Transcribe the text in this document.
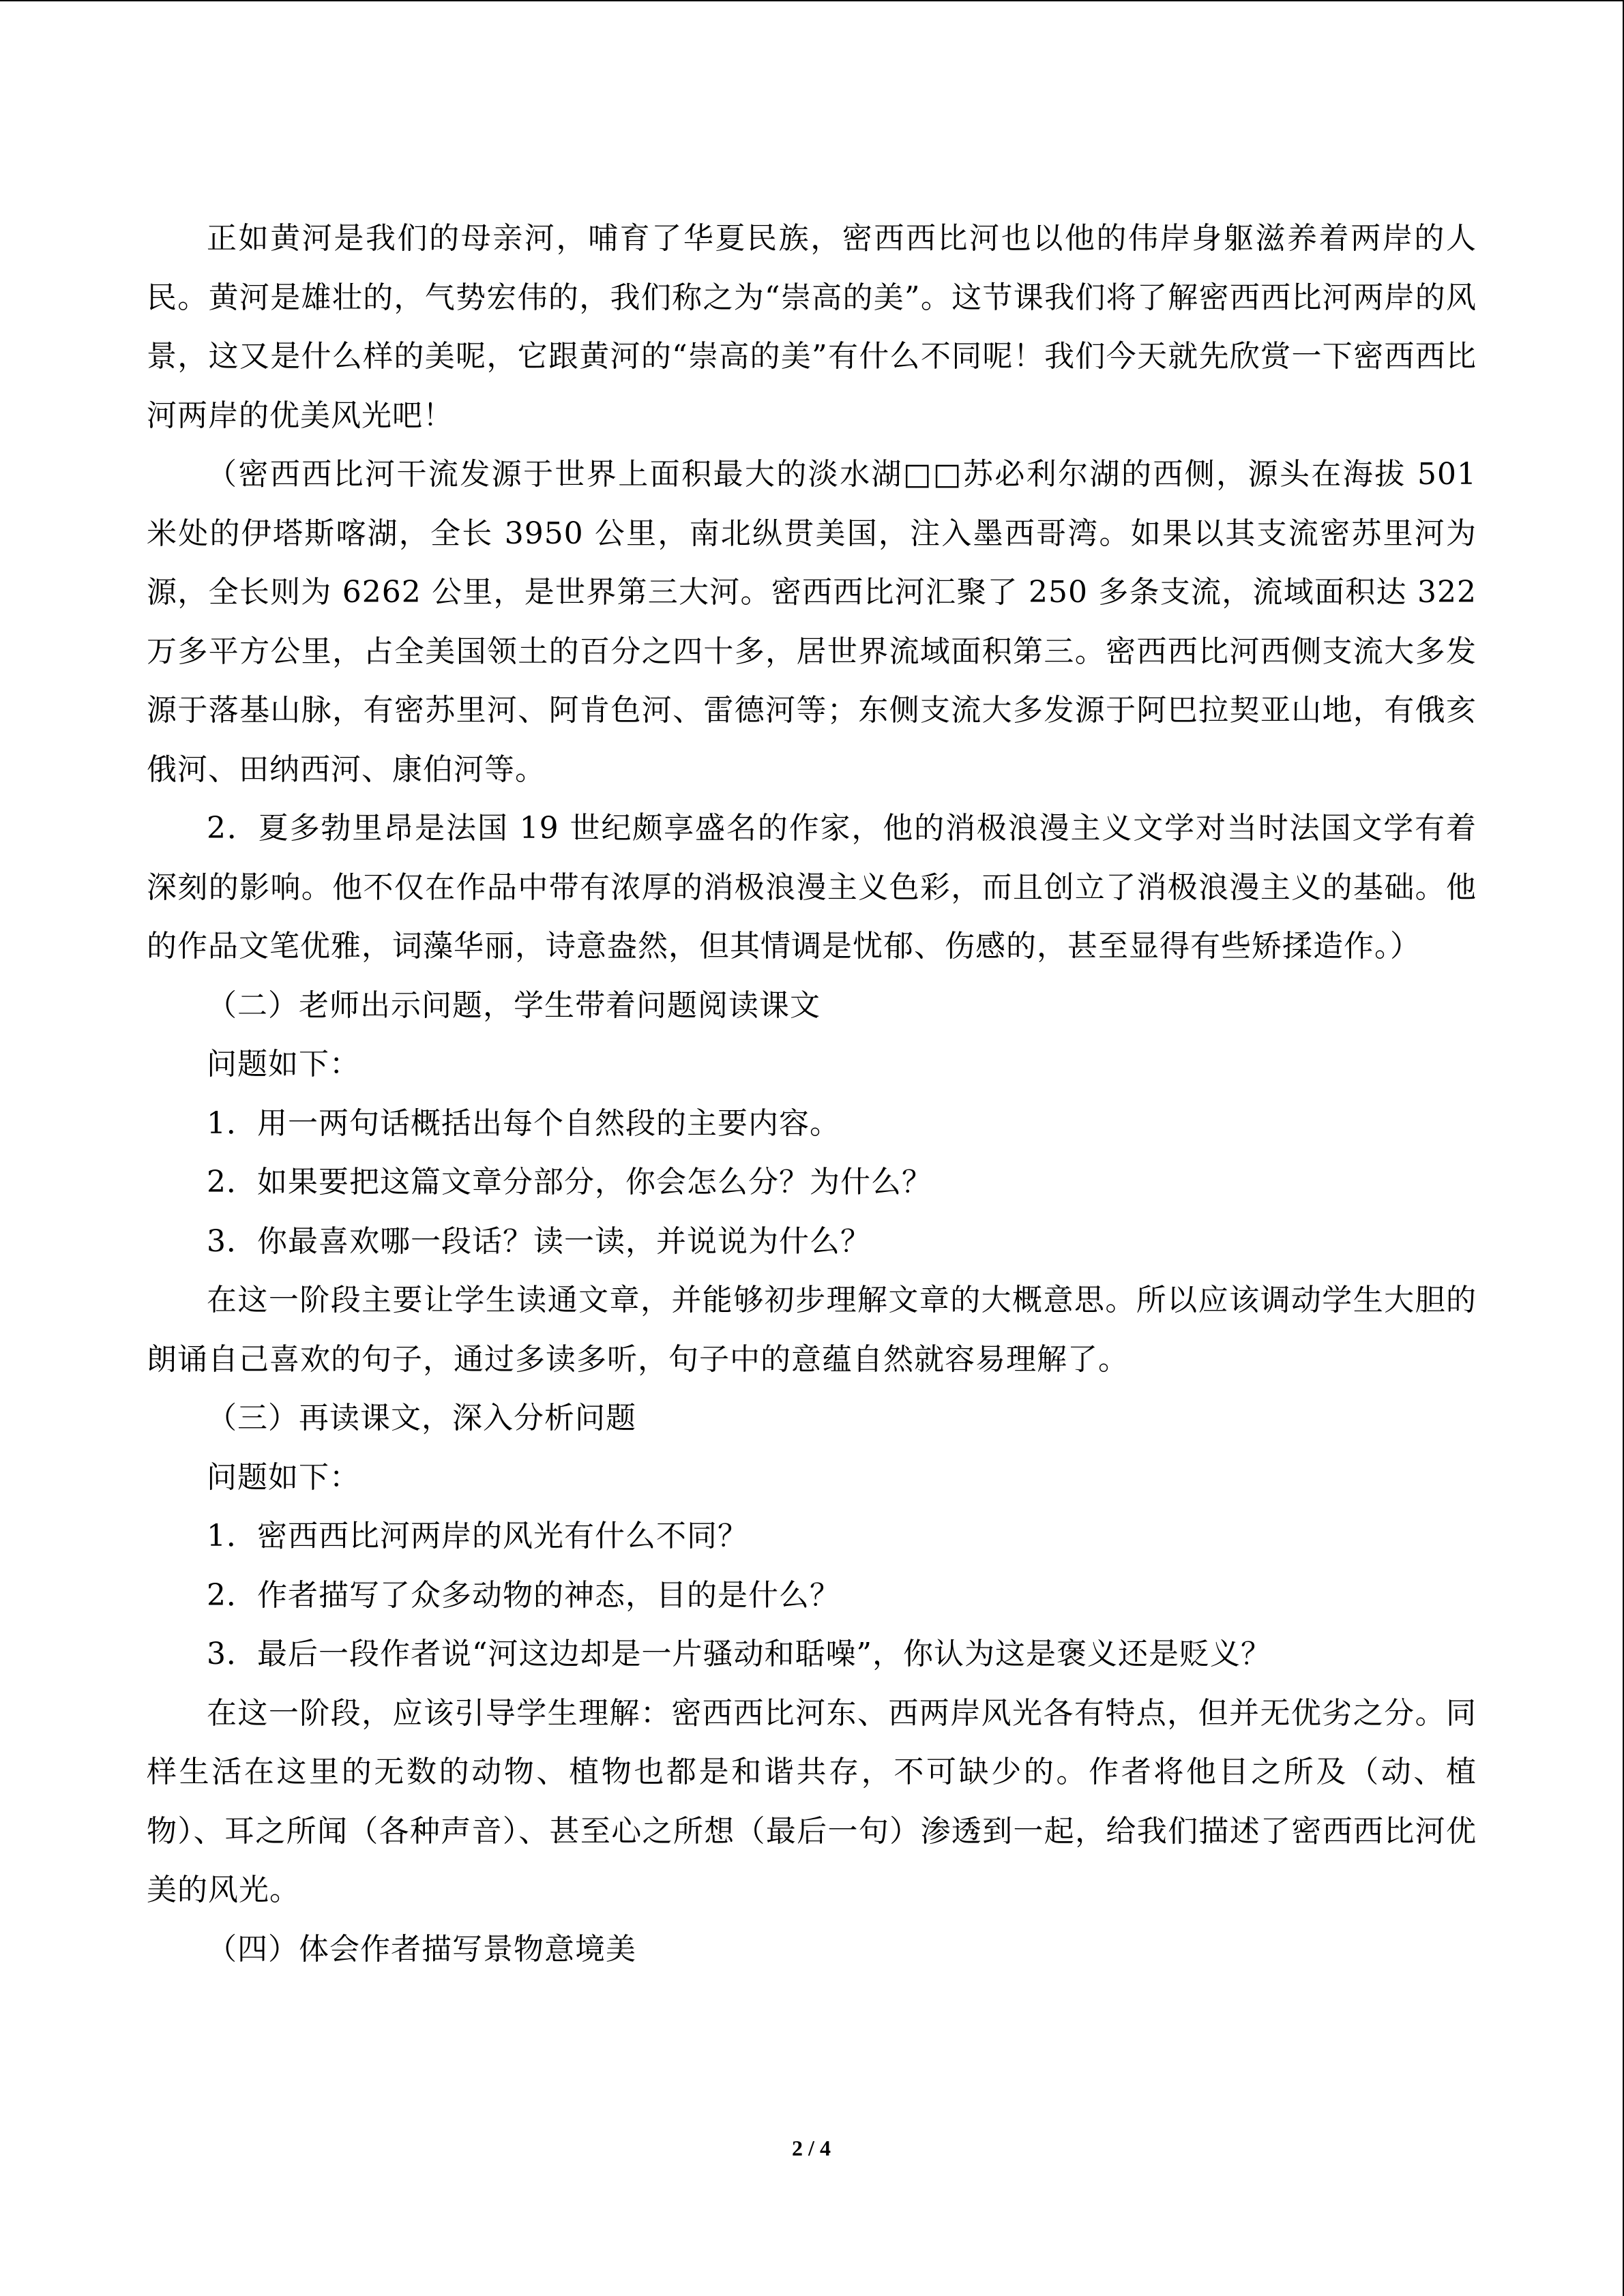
正如黄河是我们的母亲河，哺育了华夏民族，密西西比河也以他的伟岸身躯滋养着两岸的人民。黄河是雄壮的，气势宏伟的，我们称之为“崇高的美”。这节课我们将了解密西西比河两岸的风景，这又是什么样的美呢，它跟黄河的“崇高的美”有什么不同呢！我们今天就先欣赏一下密西西比河两岸的优美风光吧！

（密西西比河干流发源于世界上面积最大的淡水湖□□苏必利尔湖的西侧，源头在海拔 501 米处的伊塔斯喀湖，全长 3950 公里，南北纵贯美国，注入墨西哥湾。如果以其支流密苏里河为源，全长则为 6262 公里，是世界第三大河。密西西比河汇聚了 250 多条支流，流域面积达 322 万多平方公里，占全美国领土的百分之四十多，居世界流域面积第三。密西西比河西侧支流大多发源于落基山脉，有密苏里河、阿肯色河、雷德河等；东侧支流大多发源于阿巴拉契亚山地，有俄亥俄河、田纳西河、康伯河等。

2．夏多勃里昂是法国 19 世纪颇享盛名的作家，他的消极浪漫主义文学对当时法国文学有着深刻的影响。他不仅在作品中带有浓厚的消极浪漫主义色彩，而且创立了消极浪漫主义的基础。他的作品文笔优雅，词藻华丽，诗意盎然，但其情调是忧郁、伤感的，甚至显得有些矫揉造作。）

（二）老师出示问题，学生带着问题阅读课文

问题如下：

1．用一两句话概括出每个自然段的主要内容。

2．如果要把这篇文章分部分，你会怎么分？为什么？

3．你最喜欢哪一段话？读一读，并说说为什么？

在这一阶段主要让学生读通文章，并能够初步理解文章的大概意思。所以应该调动学生大胆的朗诵自己喜欢的句子，通过多读多听，句子中的意蕴自然就容易理解了。

（三）再读课文，深入分析问题

问题如下：

1．密西西比河两岸的风光有什么不同？

2．作者描写了众多动物的神态，目的是什么？

3．最后一段作者说“河这边却是一片骚动和聒噪”，你认为这是褒义还是贬义？

在这一阶段，应该引导学生理解：密西西比河东、西两岸风光各有特点，但并无优劣之分。同样生活在这里的无数的动物、植物也都是和谐共存，不可缺少的。作者将他目之所及（动、植物）、耳之所闻（各种声音）、甚至心之所想（最后一句）渗透到一起，给我们描述了密西西比河优美的风光。

（四）体会作者描写景物意境美

2 / 4
